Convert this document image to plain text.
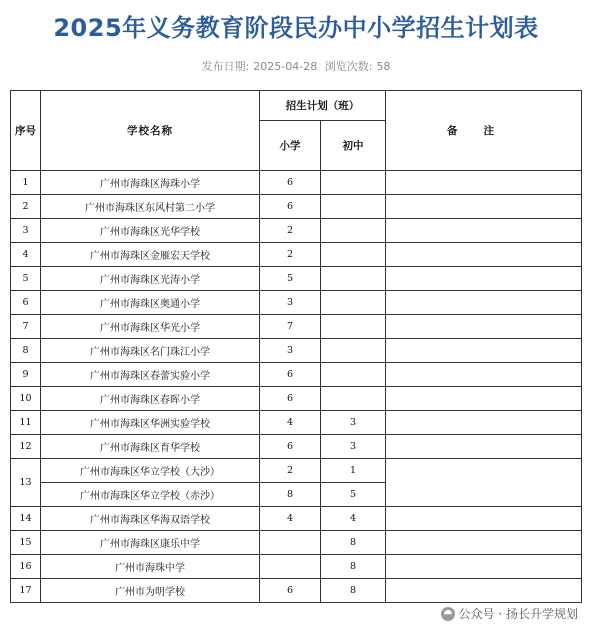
2025年义务教育阶段民办中小学招生计划表
发布日期: 2025-04-28 浏览次数: 58
序号	学校名称	招生计划（班）		备注
		小学	初中	
1	广州市海珠区海珠小学	6		
2	广州市海珠区东风村第二小学	6		
3	广州市海珠区光华学校	2		
4	广州市海珠区金雁宏天学校	2		
5	广州市海珠区光涛小学	5		
6	广州市海珠区奥通小学	3		
7	广州市海珠区华光小学	7		
8	广州市海珠区名门珠江小学	3		
9	广州市海珠区春蕾实验小学	6		
10	广州市海珠区春晖小学	6		
11	广州市海珠区华洲实验学校	4	3	
12	广州市海珠区育华学校	6	3	
13	广州市海珠区华立学校（大沙）	2	1	
	广州市海珠区华立学校（赤沙）	8	5	
14	广州市海珠区华海双语学校	4	4	
15	广州市海珠区康乐中学		8	
16	广州市海珠中学		8	
17	广州市为明学校	6	8	
公众号 · 扬长升学规划
